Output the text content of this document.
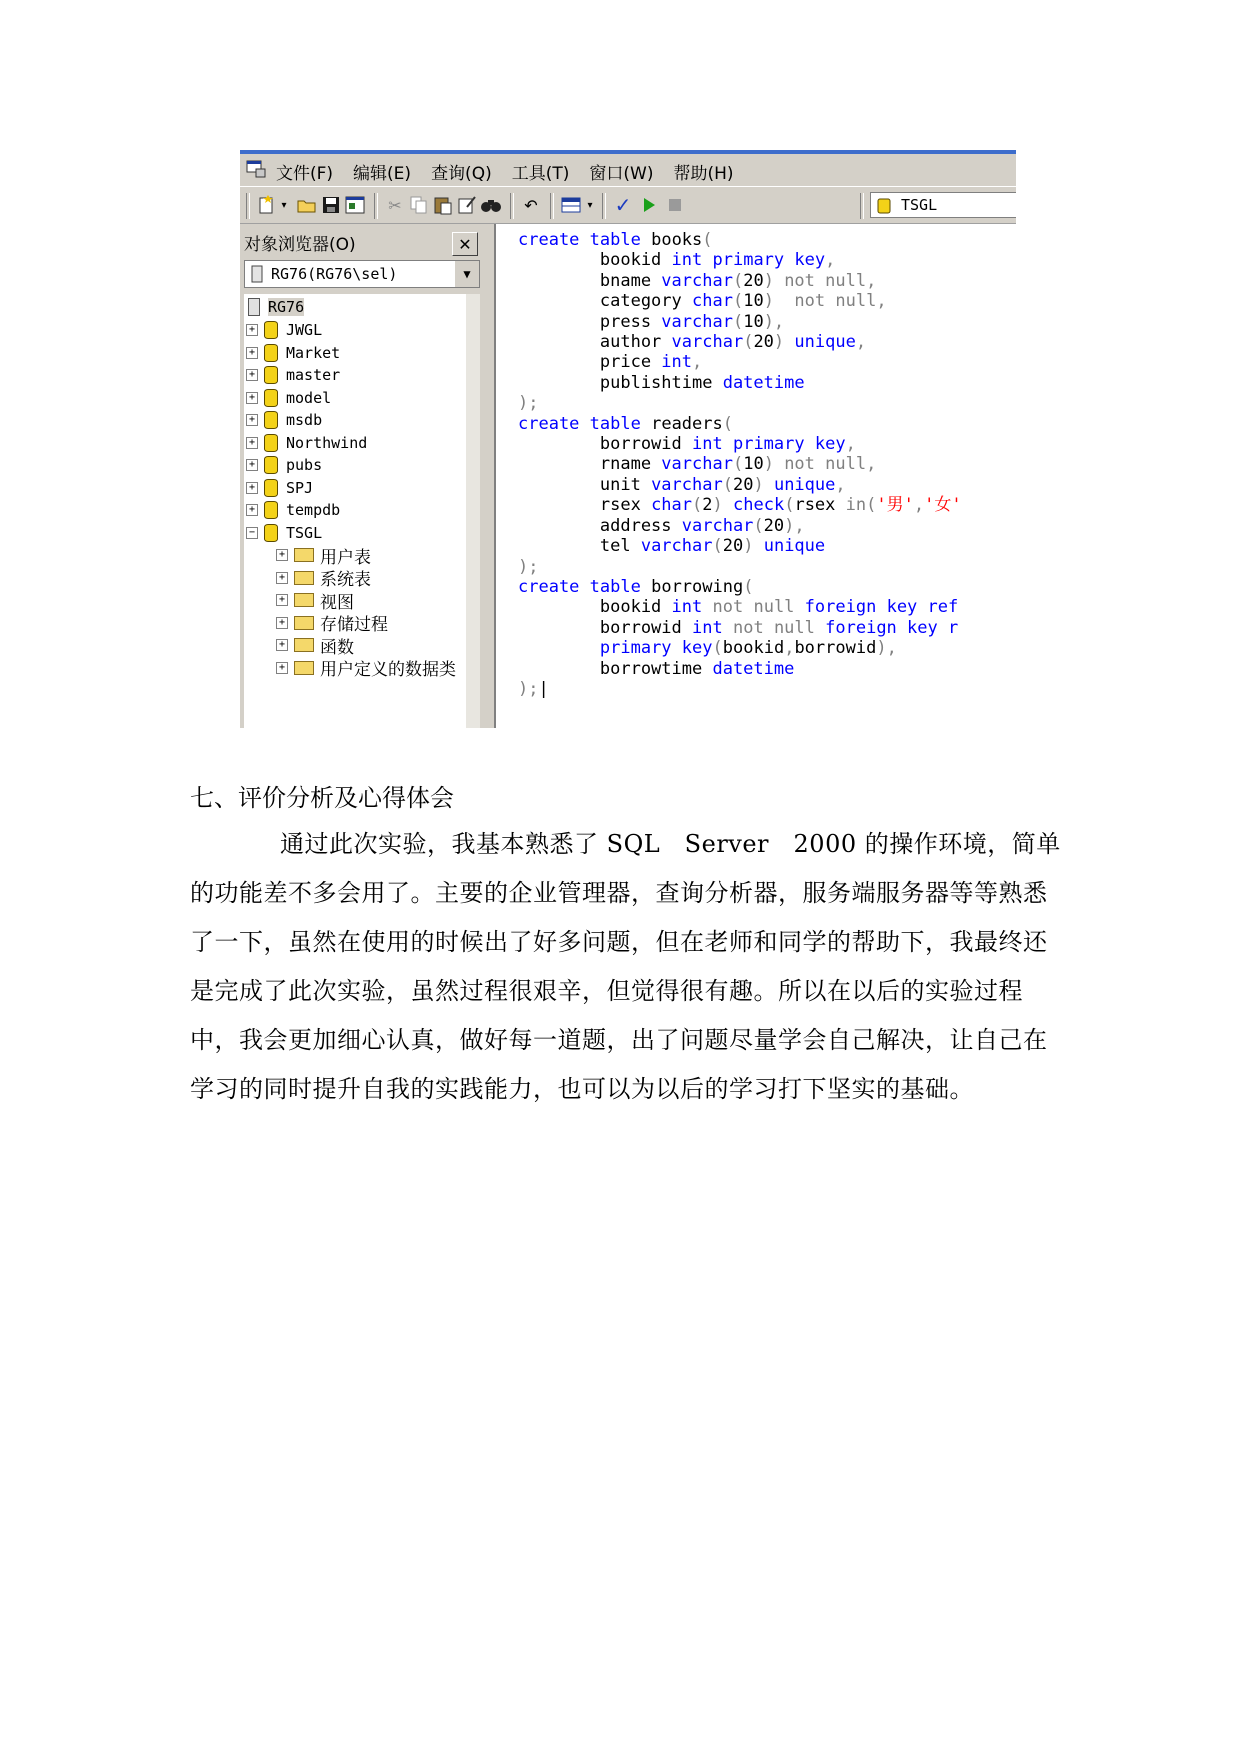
文件(F) 编辑(E) 查询(Q) 工具(T) 窗口(W) 帮助(H)
▾	✂	↶	▾ ✓	TSGL
对象浏览器(O)	✕
RG76(RG76\sel)	▼
RG76
+ JWGL
+ Market
+ master
+ model
+ msdb
+ Northwind
+ pubs
+ SPJ
+ tempdb
− TSGL
+ 用户表
+ 系统表
+ 视图
+ 存储过程
+ 函数
+ 用户定义的数据类
create table books(
bookid int primary key,
bname varchar(20) not null,
category char(10) not null,
press varchar(10),
author varchar(20) unique,
price int,
publishtime datetime
);
create table readers(
borrowid int primary key,
rname varchar(10) not null,
unit varchar(20) unique,
rsex char(2) check(rsex in('男','女'
address varchar(20),
tel varchar(20) unique
);
create table borrowing(
bookid int not null foreign key ref
borrowid int not null foreign key r
primary key(bookid,borrowid),
borrowtime datetime
);|
七、评价分析及心得体会
通过此次实验，我基本熟悉了 SQL　Server　2000 的操作环境，简单的功能差不多会用了。主要的企业管理器，查询分析器，服务端服务器等等熟悉了一下，虽然在使用的时候出了好多问题，但在老师和同学的帮助下，我最终还是完成了此次实验，虽然过程很艰辛，但觉得很有趣。所以在以后的实验过程中，我会更加细心认真，做好每一道题，出了问题尽量学会自己解决，让自己在学习的同时提升自我的实践能力，也可以为以后的学习打下坚实的基础。
